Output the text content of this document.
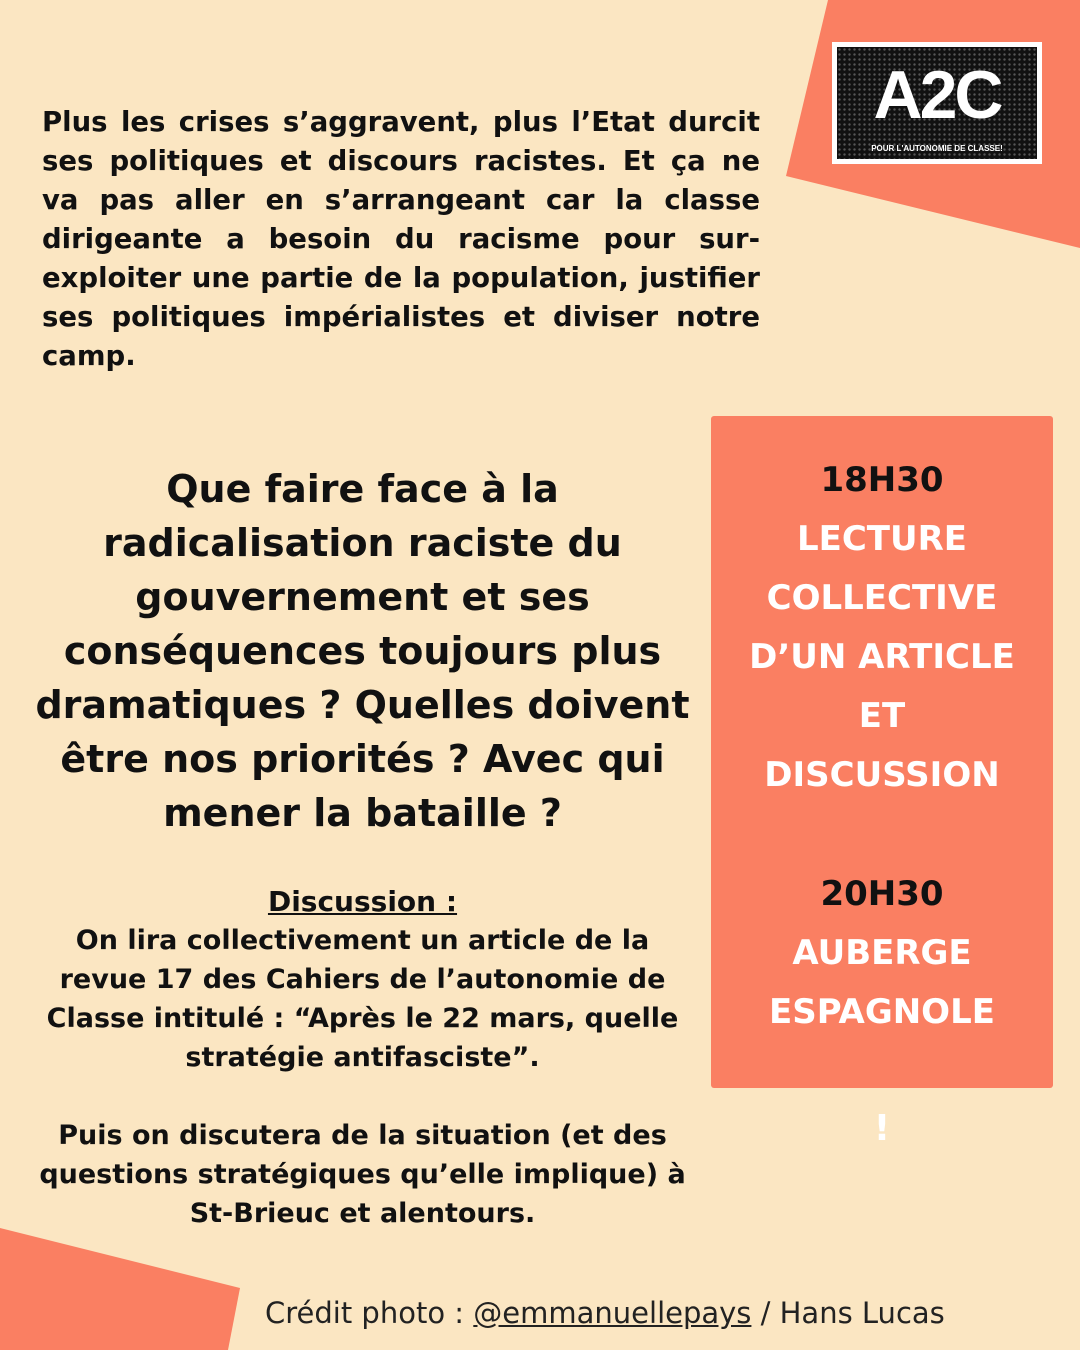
A2C
POUR L'AUTONOMIE DE CLASSE!

Plus les crises s’aggravent, plus l’Etat durcit ses politiques et discours racistes. Et ça ne va pas aller en s’arrangeant car la classe dirigeante a besoin du racisme pour sur-exploiter une partie de la population, justifier ses politiques impérialistes et diviser notre camp.

Que faire face à la radicalisation raciste du gouvernement et ses conséquences toujours plus dramatiques ? Quelles doivent être nos priorités ? Avec qui mener la bataille ?

Discussion :

On lira collectivement un article de la revue 17 des Cahiers de l’autonomie de Classe intitulé : “Après le 22 mars, quelle stratégie antifasciste”.

Puis on discutera de la situation (et des questions stratégiques qu’elle implique) à St-Brieuc et alentours.

18H30

LECTURE
COLLECTIVE
D’UN ARTICLE
ET
DISCUSSION

20H30

AUBERGE
ESPAGNOLE

!
Crédit photo : @emmanuellepays / Hans Lucas
